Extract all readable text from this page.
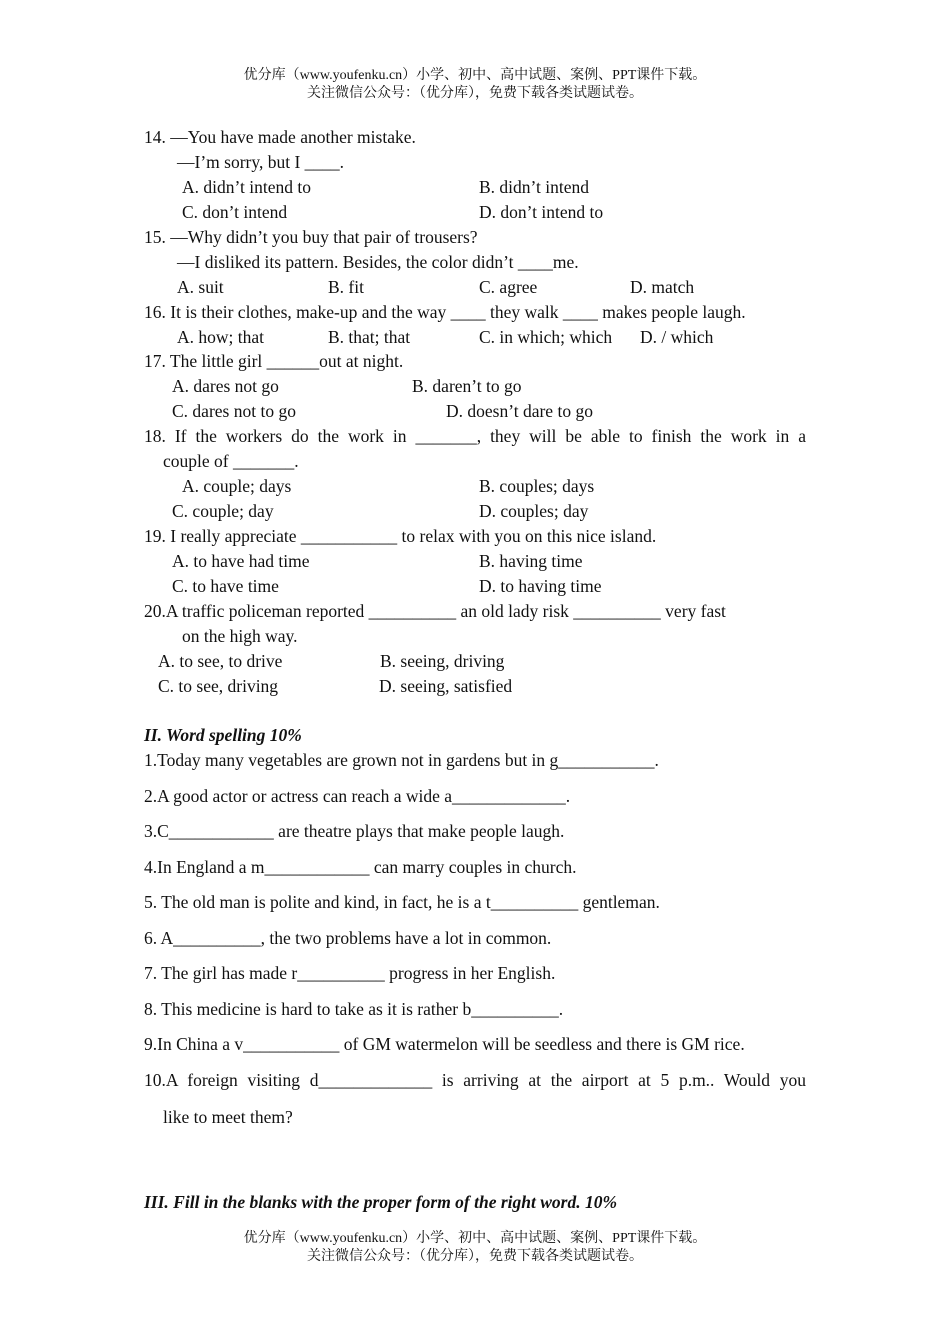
优分库（www.youfenku.cn）小学、初中、高中试题、案例、PPT课件下载。
关注微信公众号：（优分库），免费下载各类试题试卷。
14. —You have made another mistake.
—I’m sorry, but I ____.
A. didn’t intend to	B. didn’t intend
C. don’t intend	D. don’t intend to
15. —Why didn’t you buy that pair of trousers?
—I disliked its pattern. Besides, the color didn’t ____me.
A. suit	B. fit	C. agree	D. match
16. It is their clothes, make-up and the way ____ they walk ____ makes people laugh.
A. how; that	B. that; that	C. in which; which D. / which
17. The little girl ______out at night.
A. dares not go	B. daren’t to go
C. dares not to go	D. doesn’t dare to go
18. If the workers do the work in _______, they will be able to finish the work in a
couple of _______.
A. couple; days	B. couples; days
C. couple; day	D. couples; day
19. I really appreciate ___________ to relax with you on this nice island.
A. to have had time	B. having time
C. to have time	D. to having time
20.A traffic policeman reported __________ an old lady risk __________ very fast
on the high way.
A. to see, to drive	B. seeing, driving
C. to see, driving	D. seeing, satisfied
II. Word spelling 10%
1.Today many vegetables are grown not in gardens but in g___________.
2.A good actor or actress can reach a wide a_____________.
3.C____________ are theatre plays that make people laugh.
4.In England a m____________ can marry couples in church.
5. The old man is polite and kind, in fact, he is a t__________ gentleman.
6. A__________, the two problems have a lot in common.
7. The girl has made r__________ progress in her English.
8. This medicine is hard to take as it is rather b__________.
9.In China a v___________ of GM watermelon will be seedless and there is GM rice.
10.A foreign visiting d_____________ is arriving at the airport at 5 p.m.. Would you
like to meet them?
III. Fill in the blanks with the proper form of the right word. 10%
优分库（www.youfenku.cn）小学、初中、高中试题、案例、PPT课件下载。
关注微信公众号：（优分库），免费下载各类试题试卷。
